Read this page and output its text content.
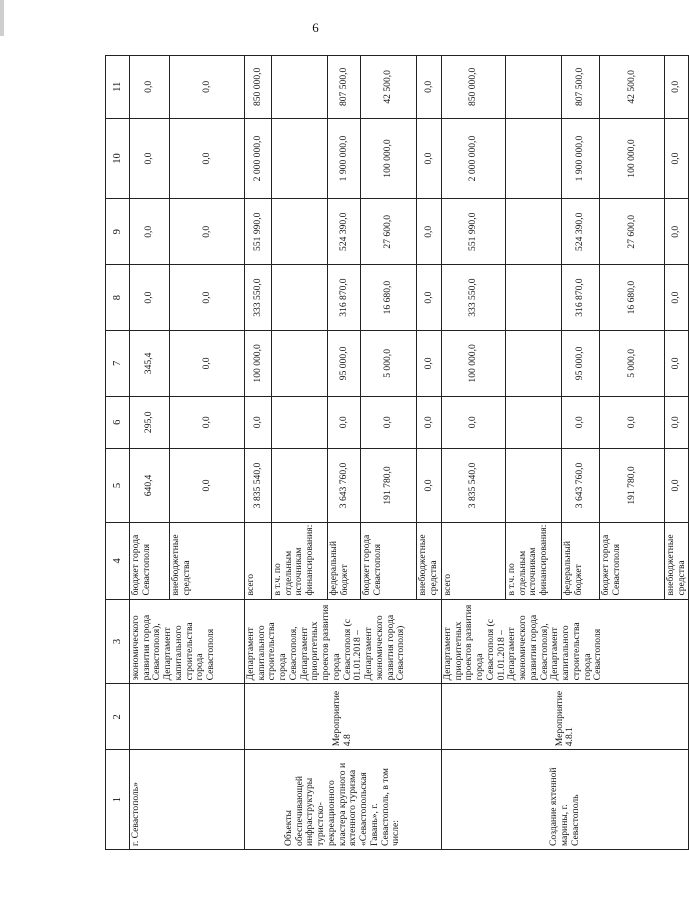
6
1	2	3	4	5	6	7	8	9	10	11
г. Севастополь»		экономического развития города Севастополя), Департамент капитального строительства города Севастополя	бюджет города Севастополя	640,4	295,0	345,4	0,0	0,0	0,0	0,0
			внебюджетные средства	0,0	0,0	0,0	0,0	0,0	0,0	0,0
Объекты обеспечивающей инфраструктуры туристско-рекреационного кластера крупного и яхтенного туризма «Севастопольская Гавань», г. Севастополь, в том числе:	Мероприятие 4.8	Департамент капитального строительства города Севастополя, Департамент приоритетных проектов развития города Севастополя (с 01.01.2018 – Департамент экономического развития города Севастополя)	всего	3 835 540,0	0,0	100 000,0	333 550,0	551 990,0	2 000 000,0	850 000,0
			в т.ч. по отдельным источникам финансирования:							
			федеральный бюджет	3 643 760,0	0,0	95 000,0	316 870,0	524 390,0	1 900 000,0	807 500,0
			бюджет города Севастополя	191 780,0	0,0	5 000,0	16 680,0	27 600,0	100 000,0	42 500,0
			внебюджетные средства	0,0	0,0	0,0	0,0	0,0	0,0	0,0
Создание яхтенной марины, г. Севастополь	Мероприятие 4.8.1	Департамент приоритетных проектов развития города Севастополя (с 01.01.2018 – Департамент экономического развития города Севастополя), Департамент капитального строительства города Севастополя	всего	3 835 540,0	0,0	100 000,0	333 550,0	551 990,0	2 000 000,0	850 000,0
			в т.ч. по отдельным источникам финансирования:							
			федеральный бюджет	3 643 760,0	0,0	95 000,0	316 870,0	524 390,0	1 900 000,0	807 500,0
			бюджет города Севастополя	191 780,0	0,0	5 000,0	16 680,0	27 600,0	100 000,0	42 500,0
			внебюджетные средства	0,0	0,0	0,0	0,0	0,0	0,0	0,0
